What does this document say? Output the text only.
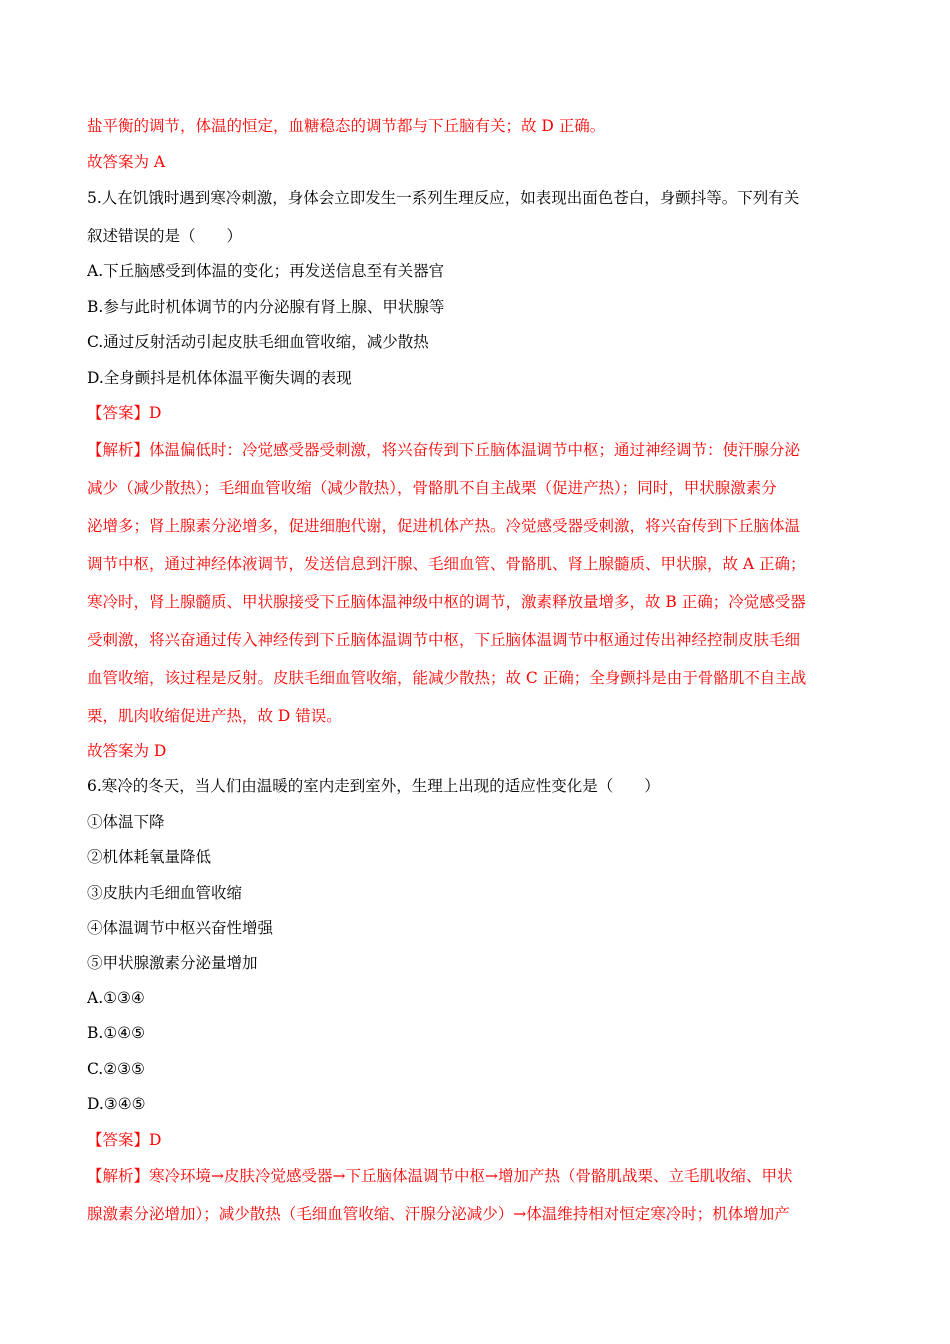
盐平衡的调节，体温的恒定，血糖稳态的调节都与下丘脑有关；故 D 正确。
故答案为 A
5.人在饥饿时遇到寒冷刺激，身体会立即发生一系列生理反应，如表现出面色苍白，身颤抖等。下列有关
叙述错误的是（　　）
A.下丘脑感受到体温的变化；再发送信息至有关器官
B.参与此时机体调节的内分泌腺有肾上腺、甲状腺等
C.通过反射活动引起皮肤毛细血管收缩，减少散热
D.全身颤抖是机体体温平衡失调的表现
【答案】D
【解析】体温偏低时：冷觉感受器受刺激，将兴奋传到下丘脑体温调节中枢；通过神经调节：使汗腺分泌
减少（减少散热）；毛细血管收缩（减少散热），骨骼肌不自主战栗（促进产热）；同时，甲状腺激素分
泌增多；肾上腺素分泌增多，促进细胞代谢，促进机体产热。冷觉感受器受刺激，将兴奋传到下丘脑体温
调节中枢，通过神经体液调节，发送信息到汗腺、毛细血管、骨骼肌、肾上腺髓质、甲状腺，故 A 正确；
寒冷时，肾上腺髓质、甲状腺接受下丘脑体温神级中枢的调节，激素释放量增多，故 B 正确；冷觉感受器
受刺激，将兴奋通过传入神经传到下丘脑体温调节中枢，下丘脑体温调节中枢通过传出神经控制皮肤毛细
血管收缩，该过程是反射。皮肤毛细血管收缩，能减少散热；故 C 正确；全身颤抖是由于骨骼肌不自主战
栗，肌肉收缩促进产热，故 D 错误。
故答案为 D
6.寒冷的冬天，当人们由温暖的室内走到室外，生理上出现的适应性变化是（　　）
①体温下降
②机体耗氧量降低
③皮肤内毛细血管收缩
④体温调节中枢兴奋性增强
⑤甲状腺激素分泌量增加
A.①③④
B.①④⑤
C.②③⑤
D.③④⑤
【答案】D
【解析】寒冷环境→皮肤冷觉感受器→下丘脑体温调节中枢→增加产热（骨骼肌战栗、立毛肌收缩、甲状
腺激素分泌增加）；减少散热（毛细血管收缩、汗腺分泌减少）→体温维持相对恒定寒冷时；机体增加产
